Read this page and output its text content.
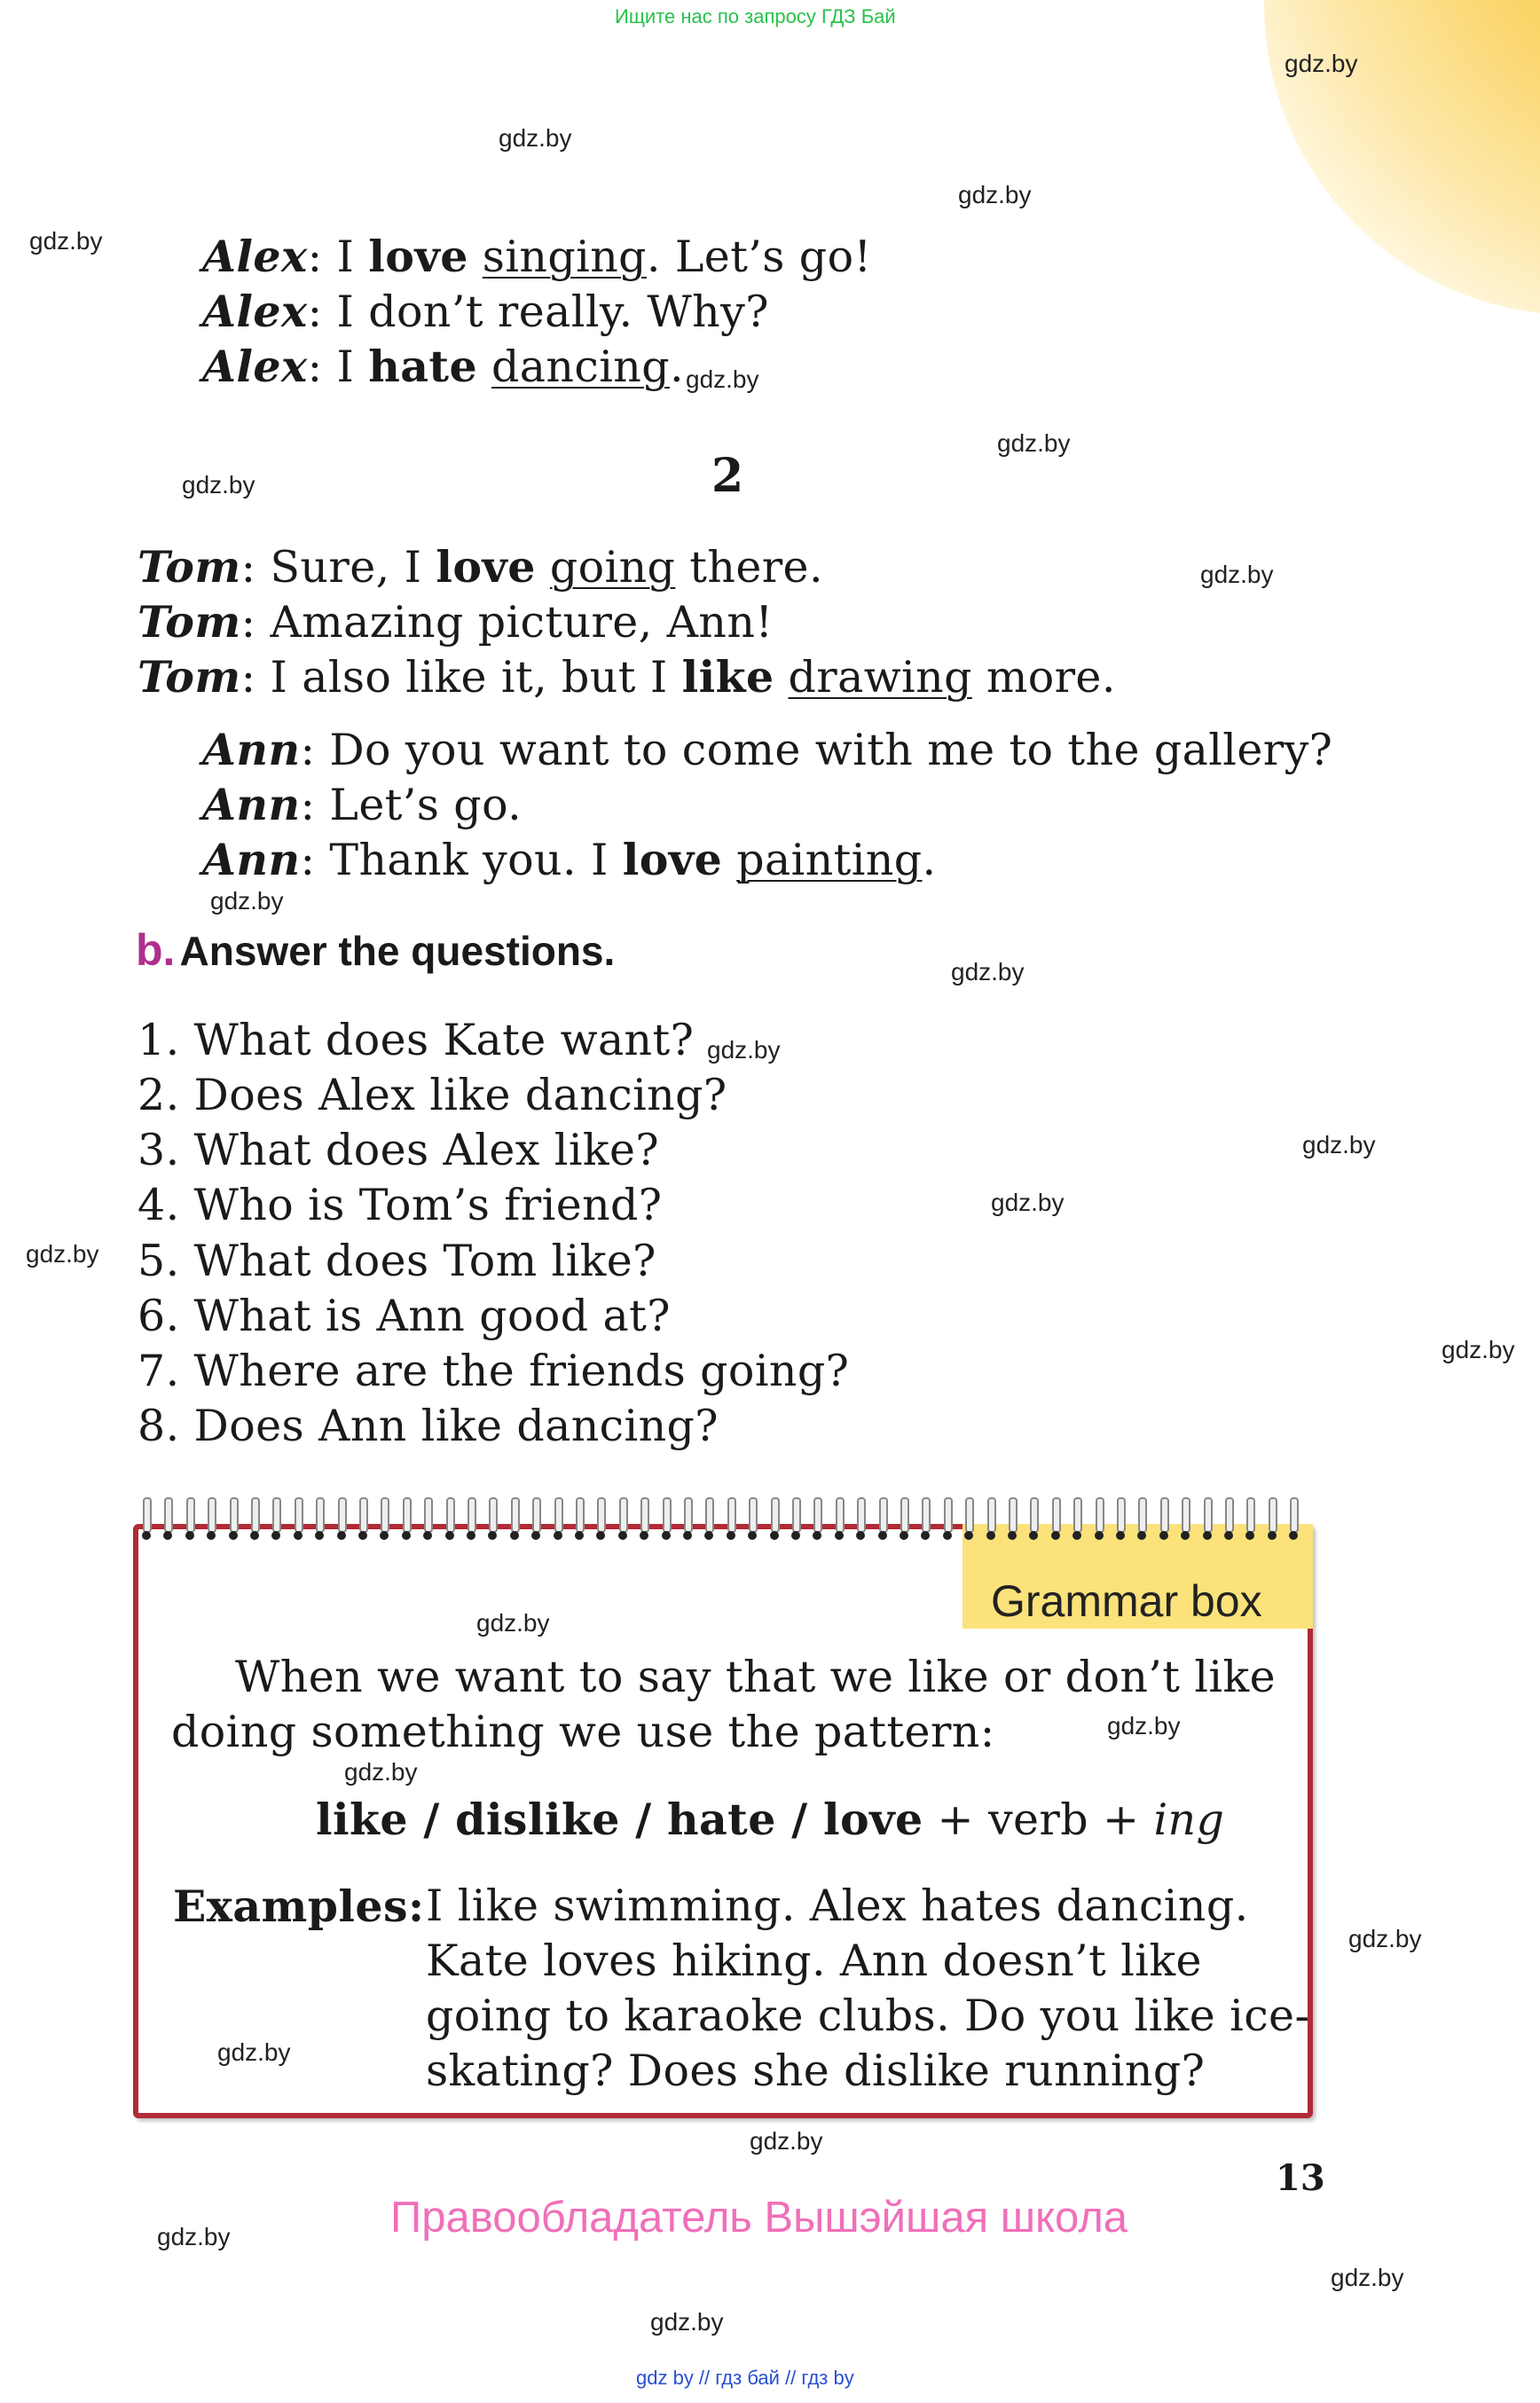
Ищите нас по запросу ГДЗ Бай
gdz.by
gdz.by
gdz.by
gdz.by
gdz.by
gdz.by
gdz.by
gdz.by
gdz.by
gdz.by
gdz.by
gdz.by
gdz.by
gdz.by
gdz.by
gdz.by
gdz.by
gdz.by
gdz.by
gdz.by
gdz.by
gdz.by
gdz.by
gdz.by
Alex: I love singing. Let’s go!
Alex: I don’t really. Why?
Alex: I hate dancing.
2
Tom: Sure, I love going there.
Tom: Amazing picture, Ann!
Tom: I also like it, but I like drawing more.
Ann: Do you want to come with me to the gallery?
Ann: Let’s go.
Ann: Thank you. I love painting.
b. Answer the questions.
1. What does Kate want?
2. Does Alex like dancing?
3. What does Alex like?
4. Who is Tom’s friend?
5. What does Tom like?
6. What is Ann good at?
7. Where are the friends going?
8. Does Ann like dancing?
Grammar box
When we want to say that we like or don’t like
doing something we use the pattern:
like / dislike / hate / love + verb + ing
Examples: I like swimming. Alex hates dancing.
Kate loves hiking. Ann doesn’t like
going to karaoke clubs. Do you like ice-
skating? Does she dislike running?
13
Правообладатель Вышэйшая школа
gdz by // гдз бай // гдз by
